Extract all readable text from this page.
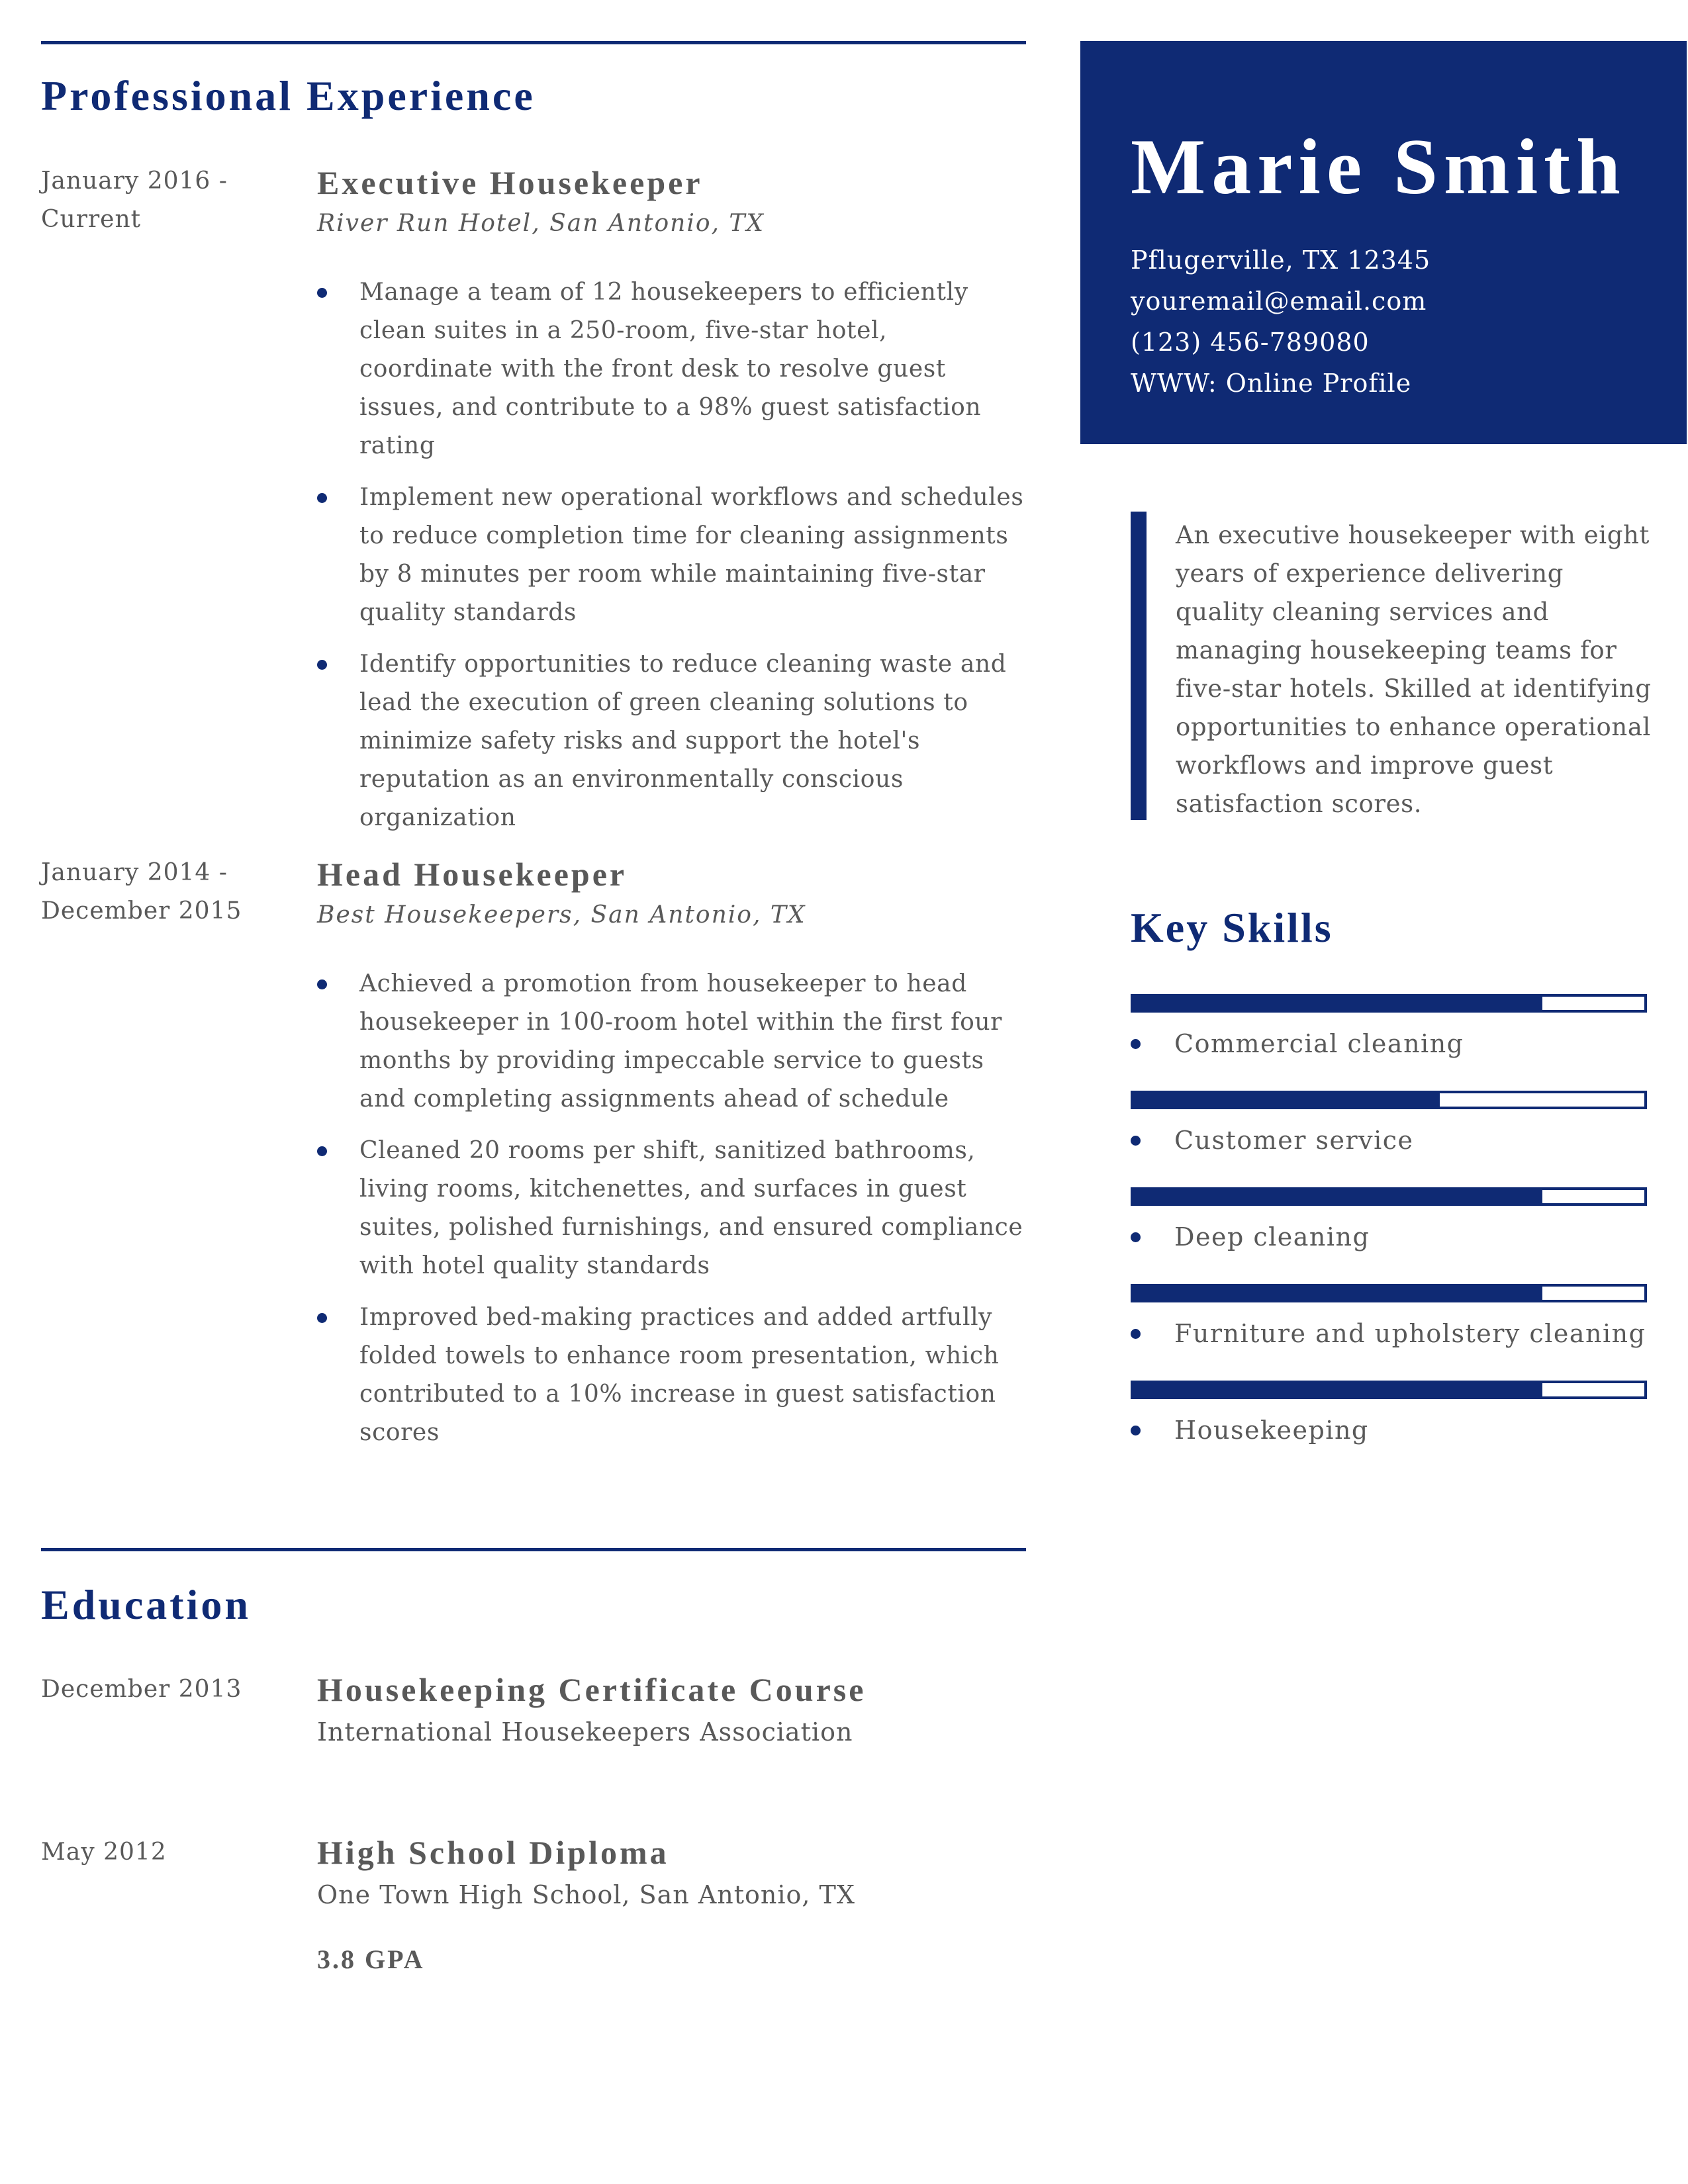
Professional Experience
January 2016 -
Current
Executive Housekeeper
River Run Hotel, San Antonio, TX
Manage a team of 12 housekeepers to efficiently clean suites in a 250-room, five-star hotel, coordinate with the front desk to resolve guest issues, and contribute to a 98% guest satisfaction rating
Implement new operational workflows and schedules to reduce completion time for cleaning assignments by 8 minutes per room while maintaining five-star quality standards
Identify opportunities to reduce cleaning waste and lead the execution of green cleaning solutions to minimize safety risks and support the hotel's reputation as an environmentally conscious organization
January 2014 -
December 2015
Head Housekeeper
Best Housekeepers, San Antonio, TX
Achieved a promotion from housekeeper to head housekeeper in 100-room hotel within the first four months by providing impeccable service to guests and completing assignments ahead of schedule
Cleaned 20 rooms per shift, sanitized bathrooms, living rooms, kitchenettes, and surfaces in guest suites, polished furnishings, and ensured compliance with hotel quality standards
Improved bed-making practices and added artfully folded towels to enhance room presentation, which contributed to a 10% increase in guest satisfaction scores
Education
December 2013	Housekeeping Certificate Course
International Housekeepers Association
May 2012	High School Diploma
One Town High School, San Antonio, TX
3.8 GPA
Marie Smith
Pflugerville, TX 12345
youremail@email.com
(123) 456-789080
WWW: Online Profile
An executive housekeeper with eight years of experience delivering quality cleaning services and managing housekeeping teams for five-star hotels. Skilled at identifying opportunities to enhance operational workflows and improve guest satisfaction scores.
Key Skills
Commercial cleaning
Customer service
Deep cleaning
Furniture and upholstery cleaning
Housekeeping
